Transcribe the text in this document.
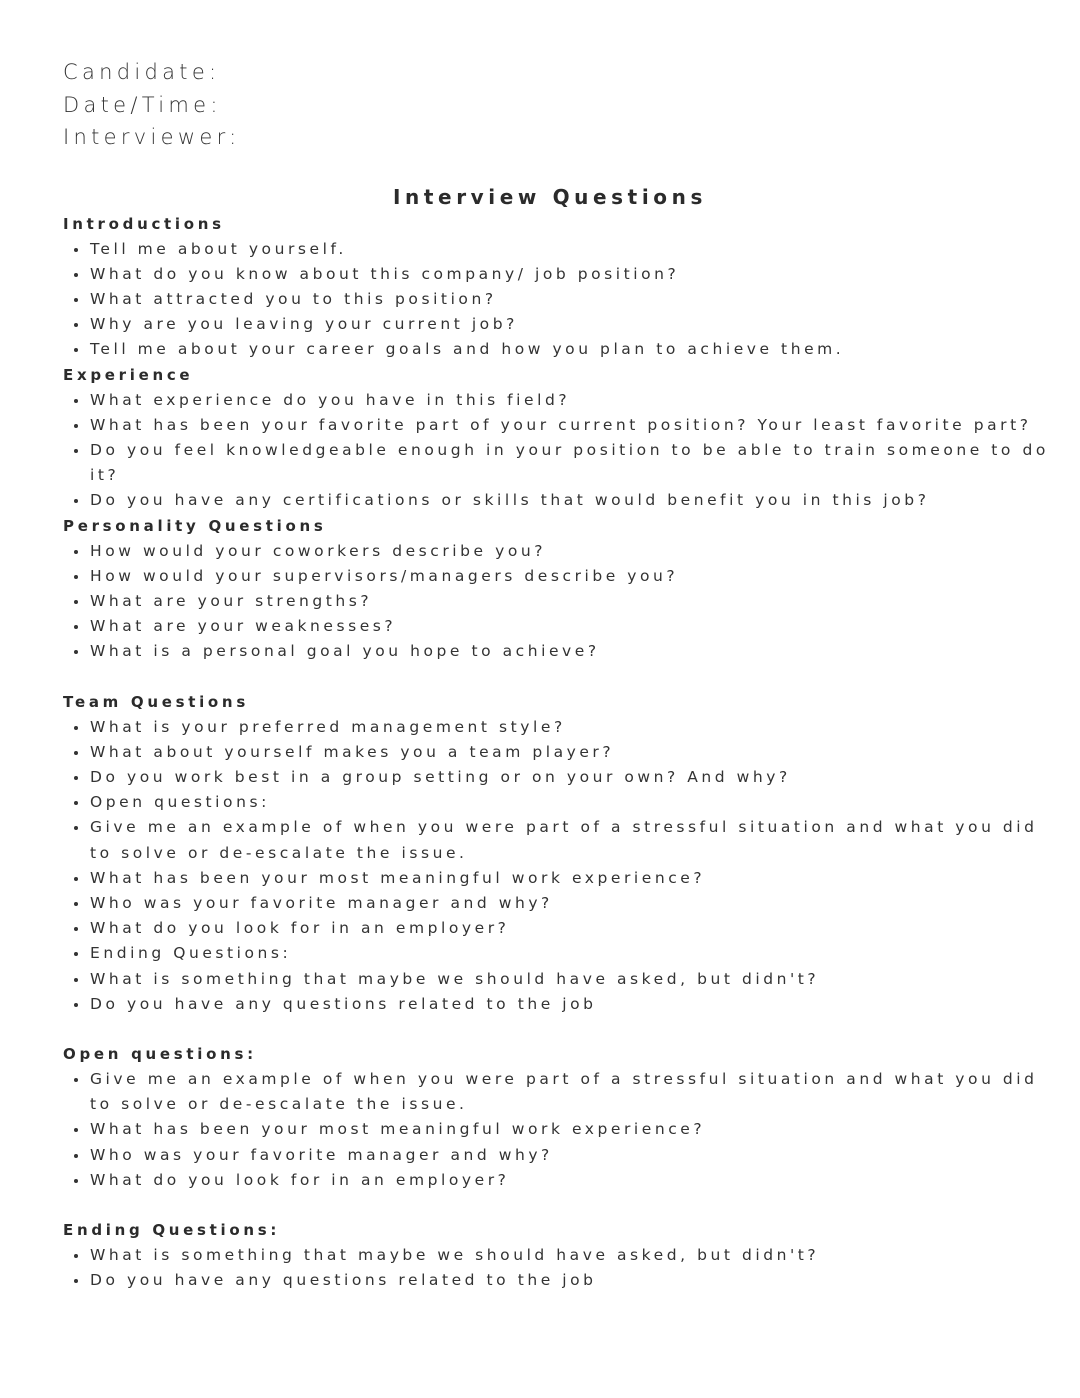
Candidate:
Date/Time:
Interviewer:
Interview Questions
Introductions
Tell me about yourself.
What do you know about this company/ job position?
What attracted you to this position?
Why are you leaving your current job?
Tell me about your career goals and how you plan to achieve them.
Experience
What experience do you have in this field?
What has been your favorite part of your current position? Your least favorite part?
Do you feel knowledgeable enough in your position to be able to train someone to do it?
Do you have any certifications or skills that would benefit you in this job?
Personality Questions
How would your coworkers describe you?
How would your supervisors/managers describe you?
What are your strengths?
What are your weaknesses?
What is a personal goal you hope to achieve?
Team Questions
What is your preferred management style?
What about yourself makes you a team player?
Do you work best in a group setting or on your own? And why?
Open questions:
Give me an example of when you were part of a stressful situation and what you did to solve or de-escalate the issue.
What has been your most meaningful work experience?
Who was your favorite manager and why?
What do you look for in an employer?
Ending Questions:
What is something that maybe we should have asked, but didn't?
Do you have any questions related to the job
Open questions:
Give me an example of when you were part of a stressful situation and what you did to solve or de-escalate the issue.
What has been your most meaningful work experience?
Who was your favorite manager and why?
What do you look for in an employer?
Ending Questions:
What is something that maybe we should have asked, but didn't?
Do you have any questions related to the job
